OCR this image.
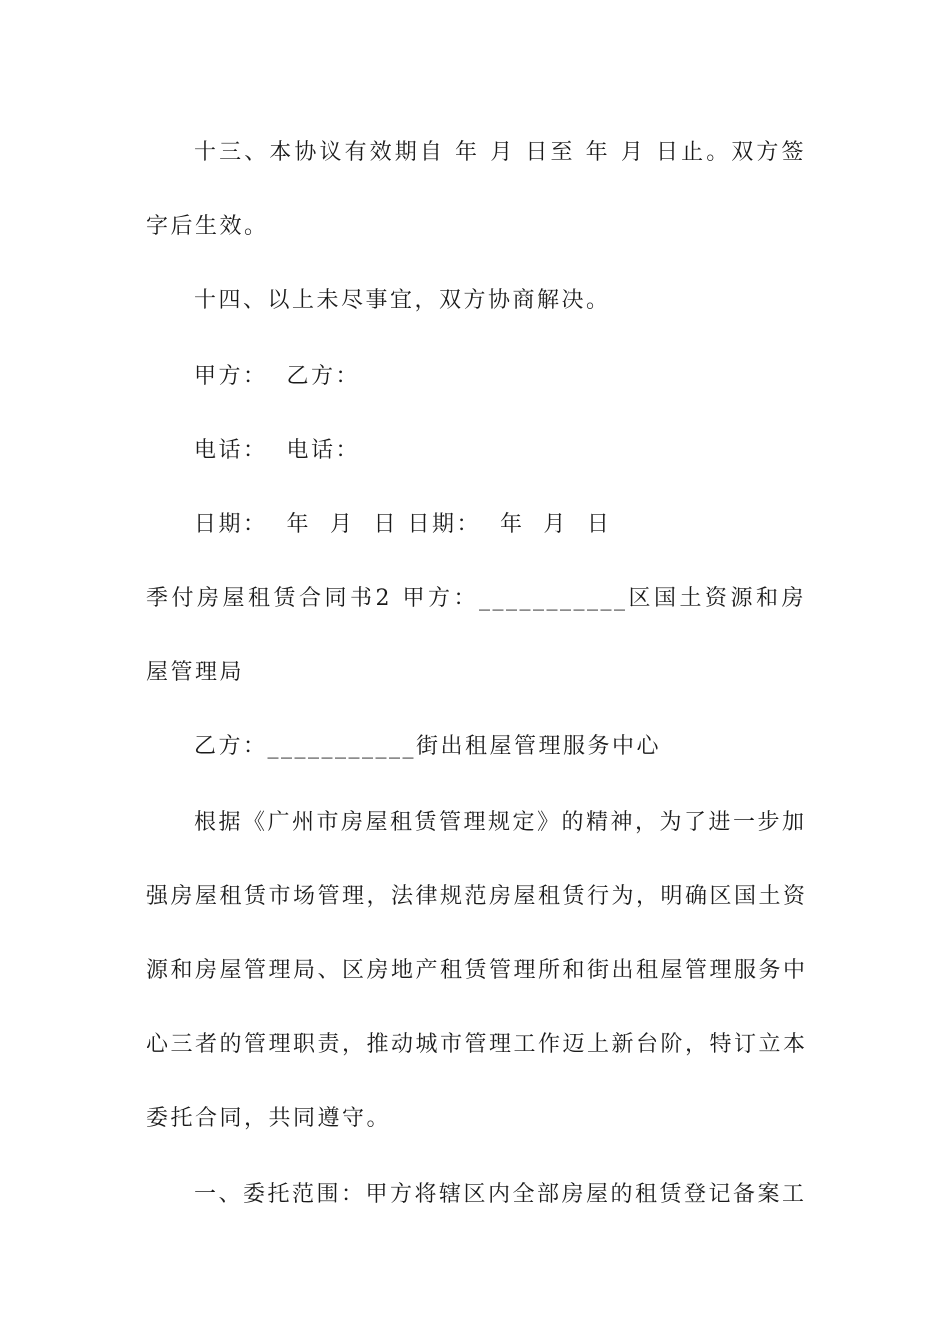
十三、本协议有效期自 年 月 日至 年 月 日止。双方签
字后生效。
十四、以上未尽事宜，双方协商解决。
甲方：  乙方：
电话：  电话：
日期：  年  月  日 日期：  年  月  日
季付房屋租赁合同书2 甲方：___________区国土资源和房
屋管理局
乙方：___________街出租屋管理服务中心
根据《广州市房屋租赁管理规定》的精神，为了进一步加
强房屋租赁市场管理，法律规范房屋租赁行为，明确区国土资
源和房屋管理局、区房地产租赁管理所和街出租屋管理服务中
心三者的管理职责，推动城市管理工作迈上新台阶，特订立本
委托合同，共同遵守。
一、委托范围：甲方将辖区内全部房屋的租赁登记备案工
